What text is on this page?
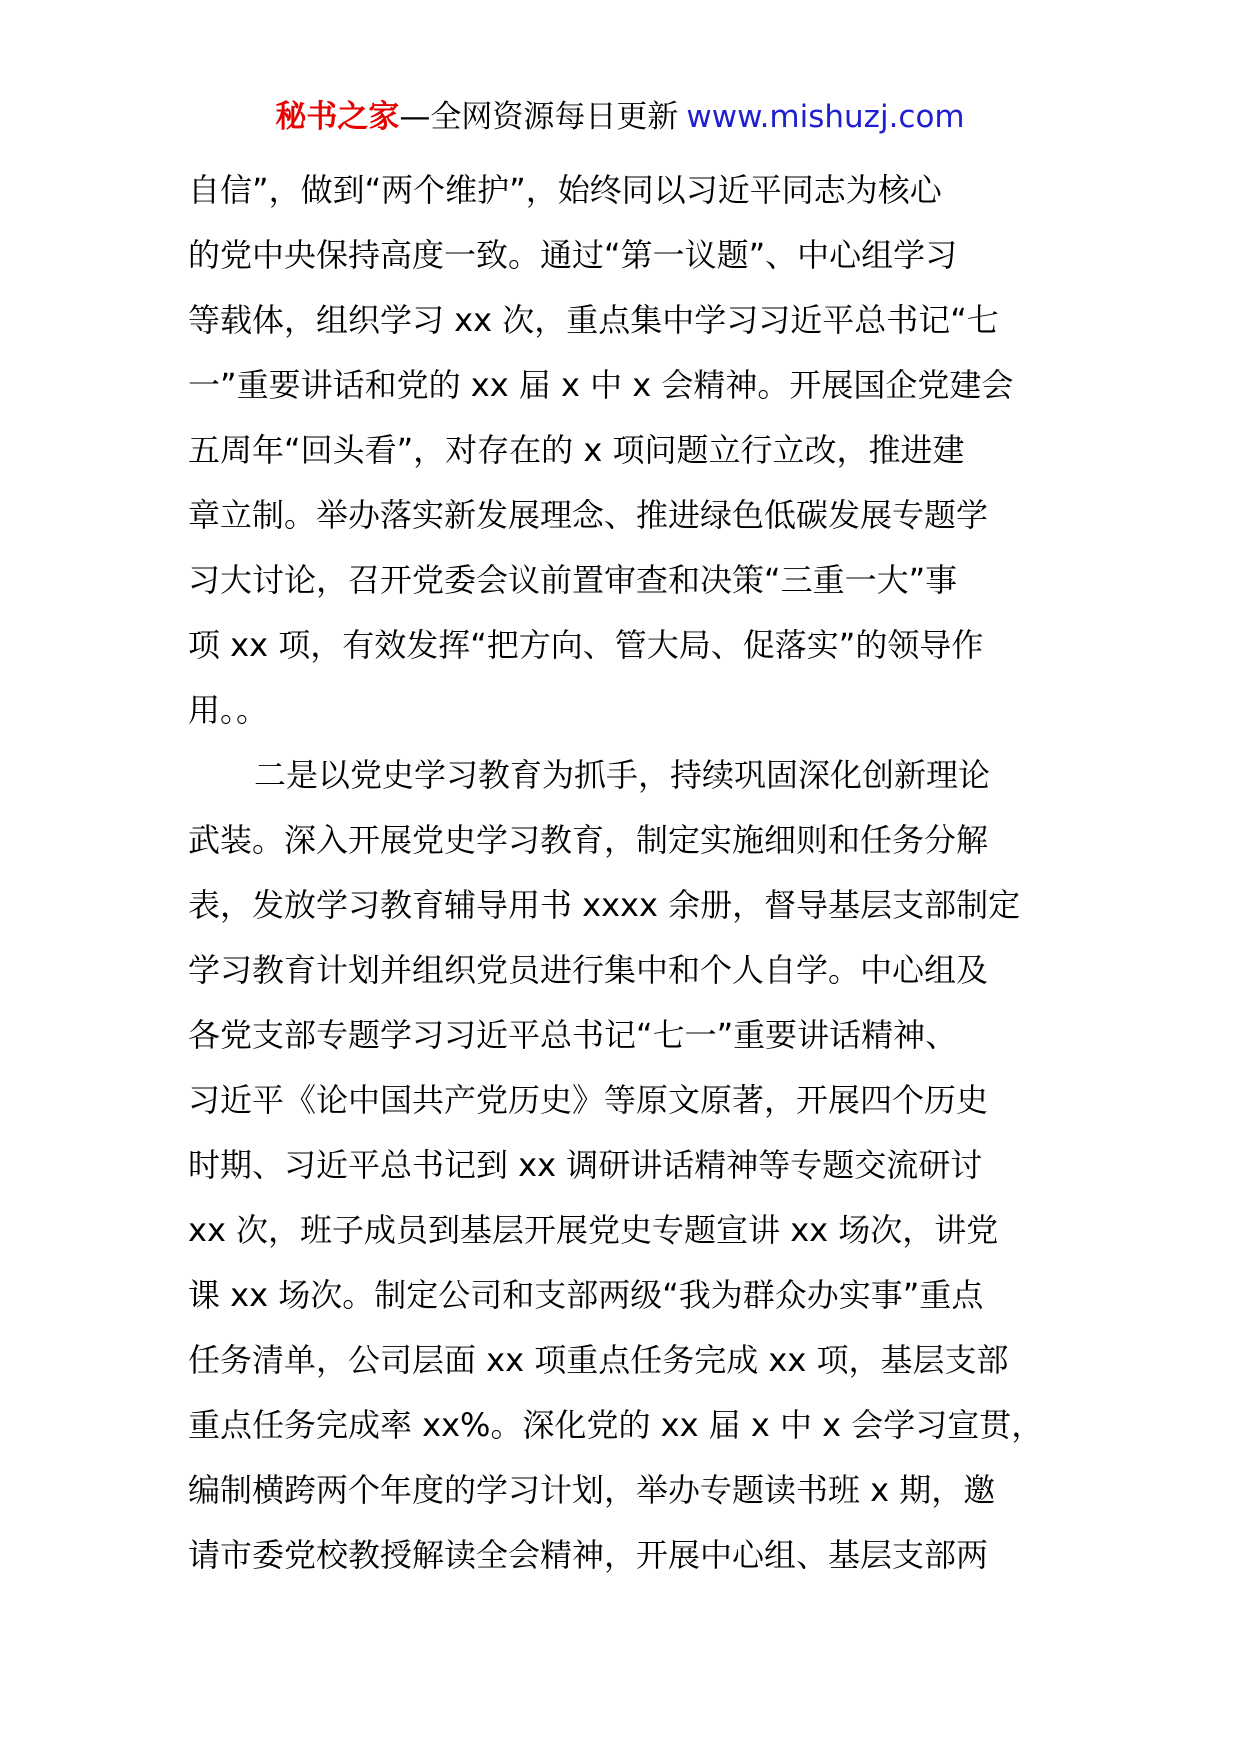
秘书之家—全网资源每日更新 www.mishuzj.com
自信”，做到“两个维护”，始终同以习近平同志为核心
的党中央保持高度一致。通过“第一议题”、中心组学习
等载体，组织学习 xx 次，重点集中学习习近平总书记“七
一”重要讲话和党的 xx 届 x 中 x 会精神。开展国企党建会
五周年“回头看”，对存在的 x 项问题立行立改，推进建
章立制。举办落实新发展理念、推进绿色低碳发展专题学
习大讨论，召开党委会议前置审查和决策“三重一大”事
项 xx 项，有效发挥“把方向、管大局、促落实”的领导作
用。。
二是以党史学习教育为抓手，持续巩固深化创新理论
武装。深入开展党史学习教育，制定实施细则和任务分解
表，发放学习教育辅导用书 xxxx 余册，督导基层支部制定
学习教育计划并组织党员进行集中和个人自学。中心组及
各党支部专题学习习近平总书记“七一”重要讲话精神、
习近平《论中国共产党历史》等原文原著，开展四个历史
时期、习近平总书记到 xx 调研讲话精神等专题交流研讨
xx 次，班子成员到基层开展党史专题宣讲 xx 场次，讲党
课 xx 场次。制定公司和支部两级“我为群众办实事”重点
任务清单，公司层面 xx 项重点任务完成 xx 项，基层支部
重点任务完成率 xx%。深化党的 xx 届 x 中 x 会学习宣贯，
编制横跨两个年度的学习计划，举办专题读书班 x 期，邀
请市委党校教授解读全会精神，开展中心组、基层支部两
